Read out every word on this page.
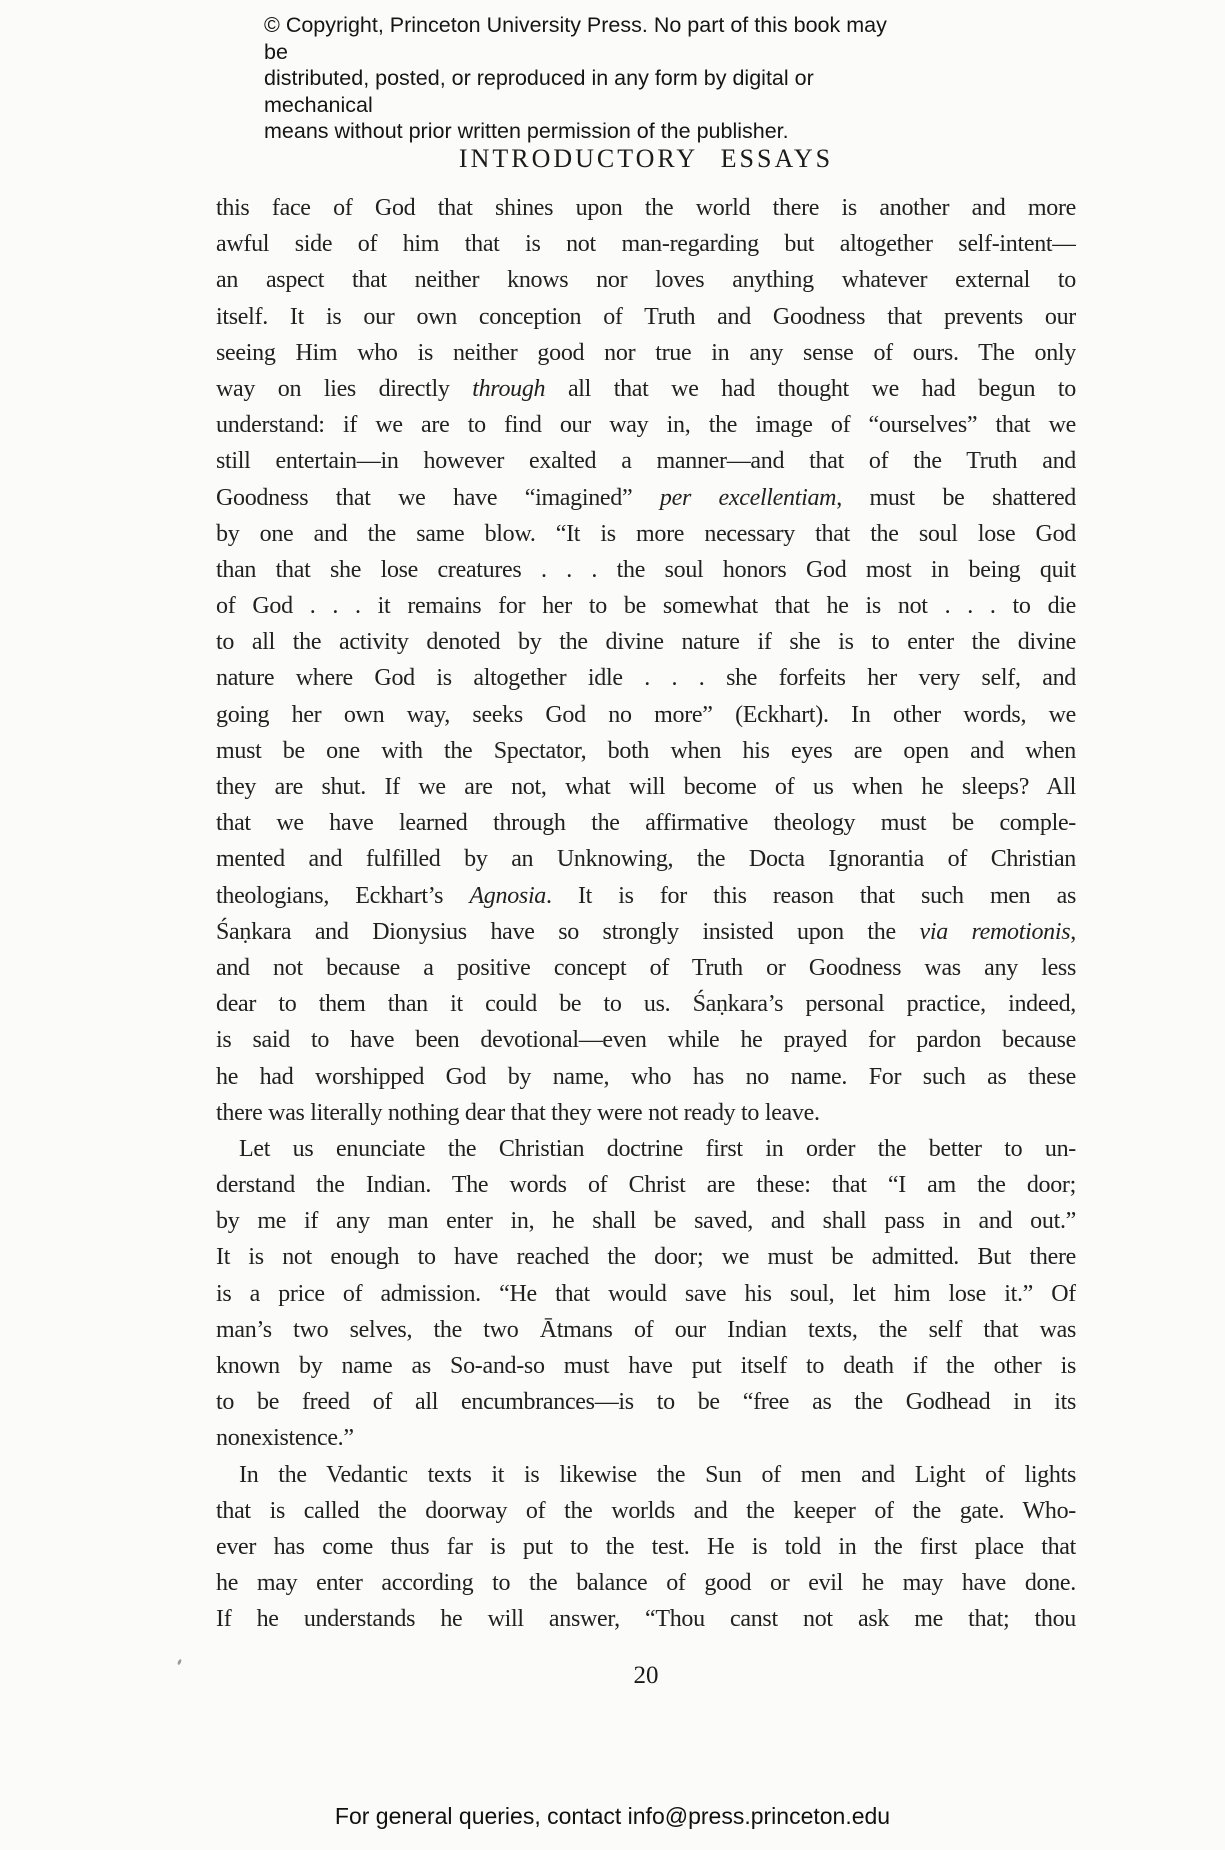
© Copyright, Princeton University Press. No part of this book may be
distributed, posted, or reproduced in any form by digital or mechanical
means without prior written permission of the publisher.
INTRODUCTORY ESSAYS
this face of God that shines upon the world there is another and more
awful side of him that is not man-regarding but altogether self-intent—
an aspect that neither knows nor loves anything whatever external to
itself. It is our own conception of Truth and Goodness that prevents our
seeing Him who is neither good nor true in any sense of ours. The only
way on lies directly through all that we had thought we had begun to
understand: if we are to find our way in, the image of “ourselves” that we
still entertain—in however exalted a manner—and that of the Truth and
Goodness that we have “imagined” per excellentiam, must be shattered
by one and the same blow. “It is more necessary that the soul lose God
than that she lose creatures . . . the soul honors God most in being quit
of God . . . it remains for her to be somewhat that he is not . . . to die
to all the activity denoted by the divine nature if she is to enter the divine
nature where God is altogether idle . . . she forfeits her very self, and
going her own way, seeks God no more” (Eckhart). In other words, we
must be one with the Spectator, both when his eyes are open and when
they are shut. If we are not, what will become of us when he sleeps? All
that we have learned through the affirmative theology must be comple-
mented and fulfilled by an Unknowing, the Docta Ignorantia of Christian
theologians, Eckhart’s Agnosia. It is for this reason that such men as
Śaṇkara and Dionysius have so strongly insisted upon the via remotionis,
and not because a positive concept of Truth or Goodness was any less
dear to them than it could be to us. Śaṇkara’s personal practice, indeed,
is said to have been devotional—even while he prayed for pardon because
he had worshipped God by name, who has no name. For such as these
there was literally nothing dear that they were not ready to leave.
Let us enunciate the Christian doctrine first in order the better to un-
derstand the Indian. The words of Christ are these: that “I am the door;
by me if any man enter in, he shall be saved, and shall pass in and out.”
It is not enough to have reached the door; we must be admitted. But there
is a price of admission. “He that would save his soul, let him lose it.” Of
man’s two selves, the two Ātmans of our Indian texts, the self that was
known by name as So-and-so must have put itself to death if the other is
to be freed of all encumbrances—is to be “free as the Godhead in its
nonexistence.”
In the Vedantic texts it is likewise the Sun of men and Light of lights
that is called the doorway of the worlds and the keeper of the gate. Who-
ever has come thus far is put to the test. He is told in the first place that
he may enter according to the balance of good or evil he may have done.
If he understands he will answer, “Thou canst not ask me that; thou
20
For general queries, contact info@press.princeton.edu
